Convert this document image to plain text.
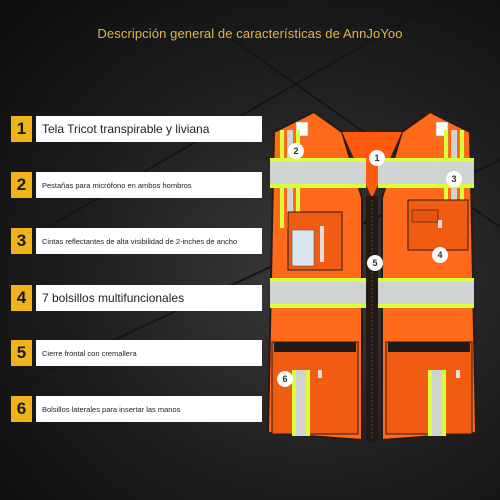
Descripción general de características de AnnJoYoo
1	Tela Tricot transpirable y liviana
2	Pestañas para micrófono en ambos hombros
3	Cintas reflectantes de alta visibilidad de 2-inches de ancho
4	7 bolsillos multifuncionales
5	Cierre frontal con cremallera
6	Bolsillos laterales para insertar las manos
1
2
3
4
5
6
